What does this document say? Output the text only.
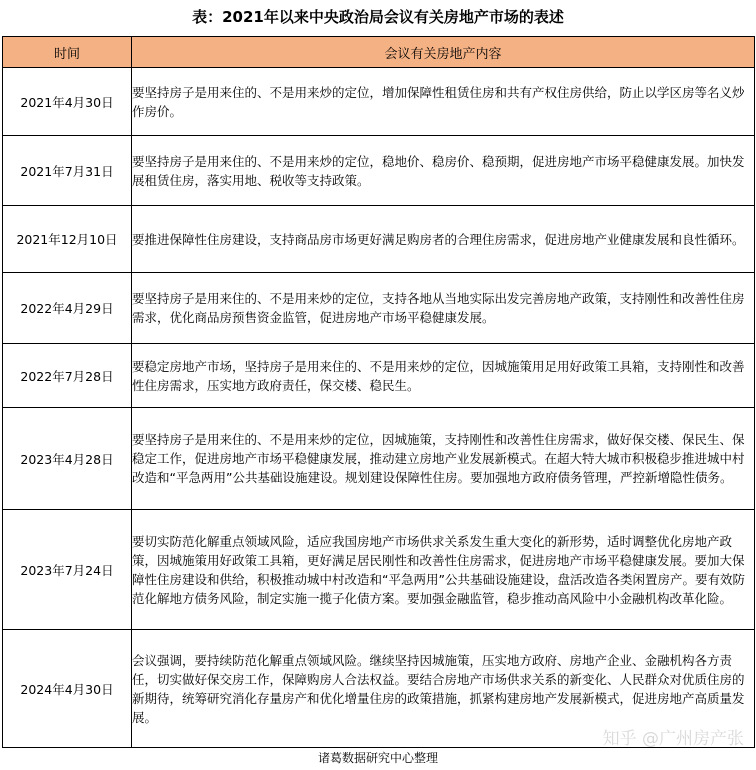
表：2021年以来中央政治局会议有关房地产市场的表述
时间	会议有关房地产内容
2021年4月30日	要坚持房子是用来住的、不是用来炒的定位，增加保障性租赁住房和共有产权住房供给，防止以学区房等名义炒作房价。
2021年7月31日	要坚持房子是用来住的、不是用来炒的定位，稳地价、稳房价、稳预期，促进房地产市场平稳健康发展。加快发展租赁住房，落实用地、税收等支持政策。
2021年12月10日	要推进保障性住房建设，支持商品房市场更好满足购房者的合理住房需求，促进房地产业健康发展和良性循环。
2022年4月29日	要坚持房子是用来住的、不是用来炒的定位，支持各地从当地实际出发完善房地产政策，支持刚性和改善性住房需求，优化商品房预售资金监管，促进房地产市场平稳健康发展。
2022年7月28日	要稳定房地产市场，坚持房子是用来住的、不是用来炒的定位，因城施策用足用好政策工具箱，支持刚性和改善性住房需求，压实地方政府责任，保交楼、稳民生。
2023年4月28日	要坚持房子是用来住的、不是用来炒的定位，因城施策，支持刚性和改善性住房需求，做好保交楼、保民生、保稳定工作，促进房地产市场平稳健康发展，推动建立房地产业发展新模式。在超大特大城市积极稳步推进城中村改造和“平急两用”公共基础设施建设。规划建设保障性住房。要加强地方政府债务管理，严控新增隐性债务。
2023年7月24日	要切实防范化解重点领域风险，适应我国房地产市场供求关系发生重大变化的新形势，适时调整优化房地产政策，因城施策用好政策工具箱，更好满足居民刚性和改善性住房需求，促进房地产市场平稳健康发展。要加大保障性住房建设和供给，积极推动城中村改造和“平急两用”公共基础设施建设，盘活改造各类闲置房产。要有效防范化解地方债务风险，制定实施一揽子化债方案。要加强金融监管，稳步推动高风险中小金融机构改革化险。
2024年4月30日	会议强调，要持续防范化解重点领域风险。继续坚持因城施策，压实地方政府、房地产企业、金融机构各方责任，切实做好保交房工作，保障购房人合法权益。要结合房地产市场供求关系的新变化、人民群众对优质住房的新期待，统筹研究消化存量房产和优化增量住房的政策措施，抓紧构建房地产发展新模式，促进房地产高质量发展。
知乎 @广州房产张
诸葛数据研究中心整理
